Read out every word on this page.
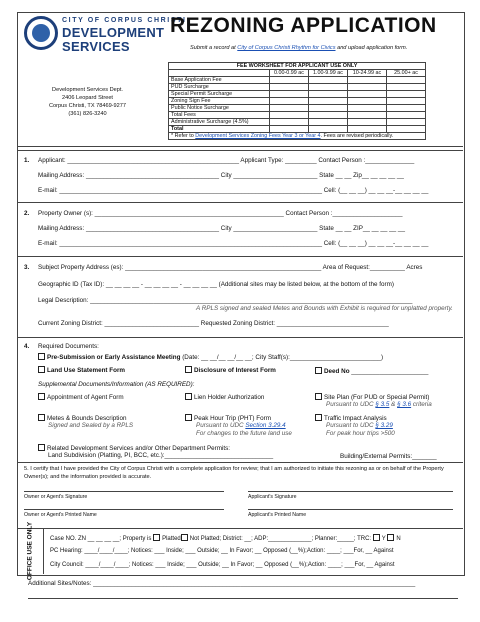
CITY OF CORPUS CHRISTI
DEVELOPMENT
SERVICES
REZONING APPLICATION
Submit a record at City of Corpus Christi Rhythm for Civics and upload application form.
Development Services Dept.
2406 Leopard Street
Corpus Christi, TX 78469-9277
(361) 826-3240
FEE WORKSHEET FOR APPLICANT USE ONLY				
	0.00-0.99 ac	1.00-9.99 ac	10-24.99 ac	25.00+ ac
Base Application Fee				
PUD Surcharge				
Special Permit Surcharge				
Zoning Sign Fee				
Public Notice Surcharge				
Total Fees				
Administrative Surcharge (4.5%)				
Total				
* Refer to Development Services Zoning Fees Year 3 or Year 4. Fees are revised periodically.				
1. Applicant: _________________________________________________ Applicant Type: _________ Contact Person :______________
Mailing Address: ______________________________________ City ________________________ State __ __ Zip__ __ __ __ __
E-mail: ___________________________________________________________________________ Cell: (__ __ __) __ __ __-__ __ __ __
2. Property Owner (s): ______________________________________________________ Contact Person :____________________
Mailing Address: ______________________________________ City ________________________ State __ __ ZIP__ __ __ __ __
E-mail: ___________________________________________________________________________ Cell: (__ __ __) __ __ __-__ __ __ __
3. Subject Property Address (es): ________________________________________________________ Area of Request:__________ Acres
Geographic ID (Tax ID): __ __ __ __ - __ __ __ __ - __ __ __ __ (Additional sites may be listed below, at the bottom of the form)
Legal Description: ____________________________________________________________________________________________
A RPLS signed and sealed Metes and Bounds with Exhibit is required for unplatted property.
Current Zoning District: ___________________________ Requested Zoning District: ________________________________
4. Required Documents:
Pre-Submission or Early Assistance Meeting (Date: __ __/__ __/__ __; City Staff(s):__________________________)
Land Use Statement Form	Disclosure of Interest Form	Deed No ______________________
Supplemental Documents/Information (AS REQUIRED):
Appointment of Agent Form	Lien Holder Authorization	Site Plan (For PUD or Special Permit)
Pursuant to UDC § 3.5 & § 3.6 criteria
Metes & Bounds Description
Signed and Sealed by a RPLS
Peak Hour Trip (PHT) Form
Pursuant to UDC Section 3.29.4
For changes to the future land use
Traffic Impact Analysis
Pursuant to UDC § 3.29
For peak hour trips >500
Related Development Services and/or Other Department Permits:
Land Subdivision (Platting, PI, BCC, etc.):_______________________________	Building/External Permits:_______
5. I certify that I have provided the City of Corpus Christi with a complete application for review; that I am authorized to initiate this rezoning as or on behalf of the Property Owner(s); and the information provided is accurate.
Owner or Agent's Signature	Applicant's Signature
Owner or Agent's Printed Name	Applicant's Printed Name
OFFICE USE ONLY	Case NO. ZN __ __ __ __; Property is Platted Not Platted; District: __; ADP:_____________; Planner:_____; TRC: Y N
PC Hearing: ____/____/____; Notices: ___ Inside; ___ Outside; __ In Favor; __ Opposed (__%);Action: ____; ___For, __ Against
City Council: ____/____/____; Notices: ___ Inside; ___ Outside; __ In Favor; __ Opposed (__%);Action: ____; ___For, __ Against
Additional Sites/Notes: ____________________________________________________________________________________________
